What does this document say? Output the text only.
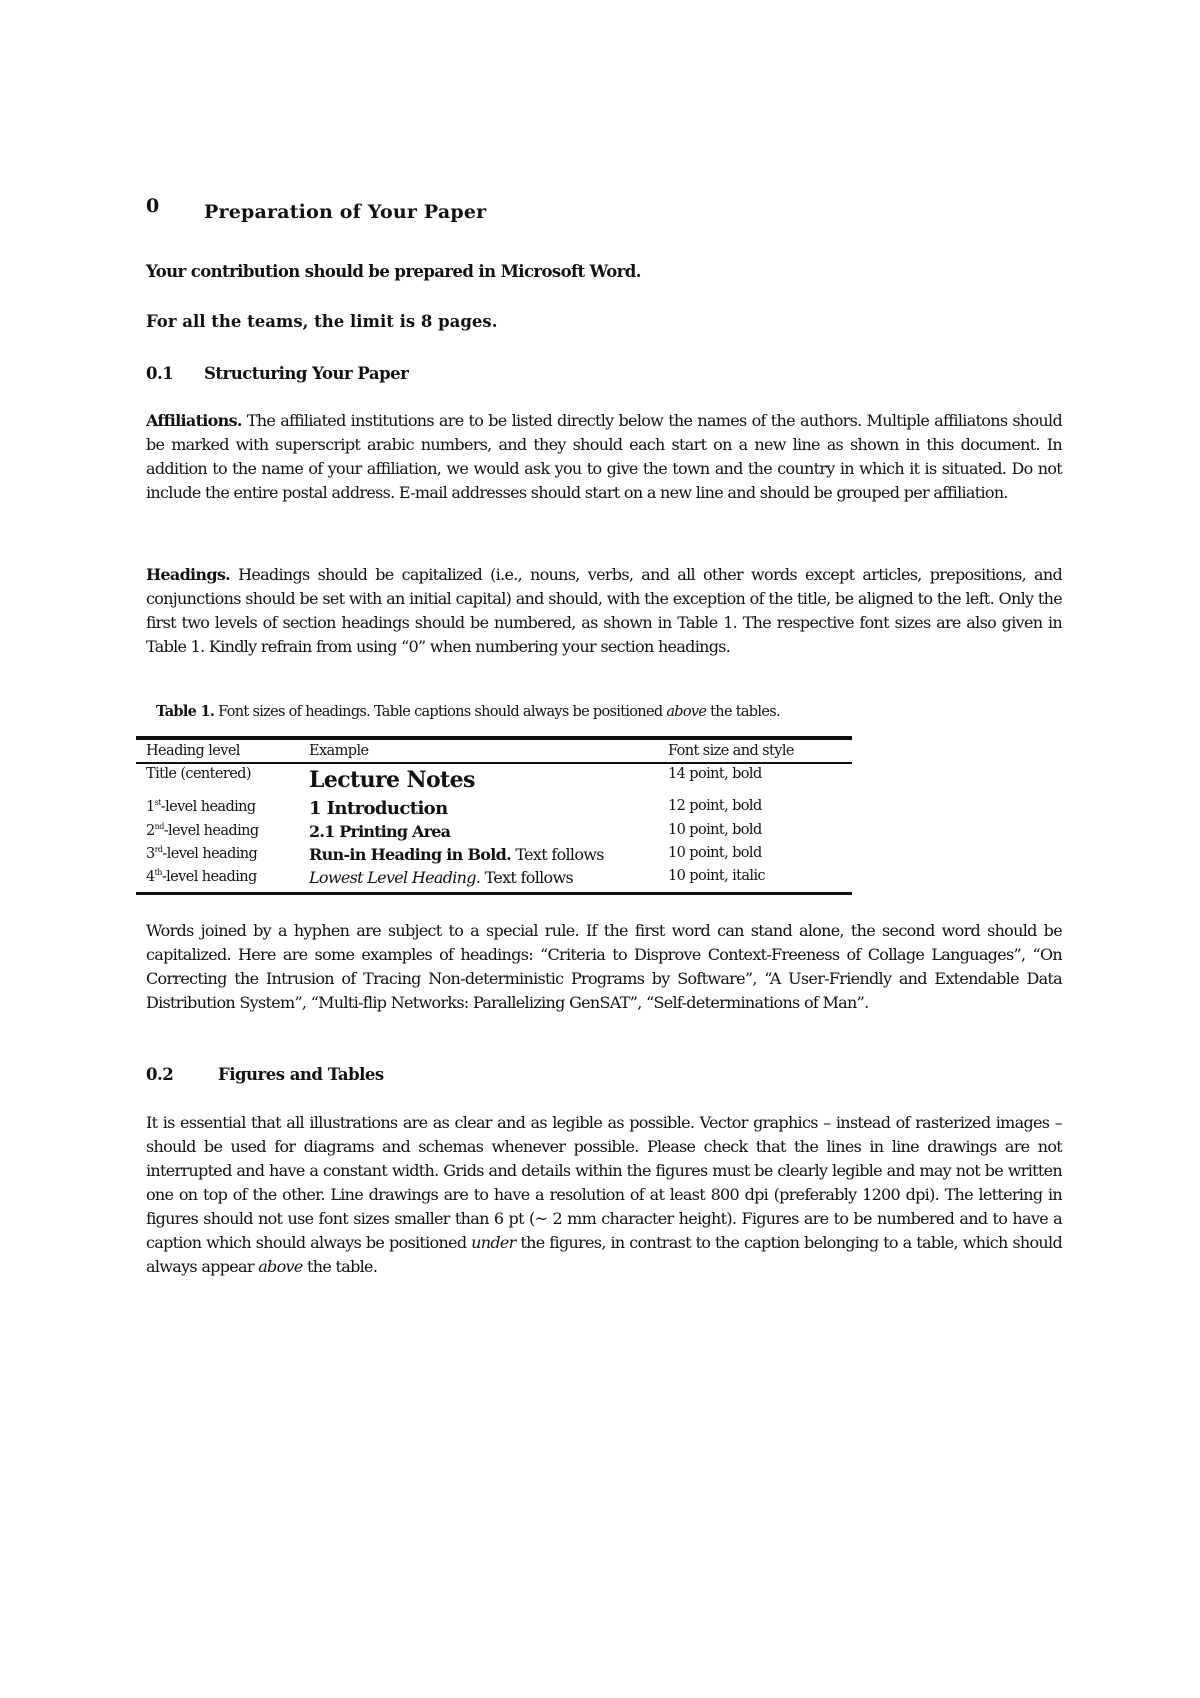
0 Preparation of Your Paper
Your contribution should be prepared in Microsoft Word.
For all the teams, the limit is 8 pages.
0.1 Structuring Your Paper
Affiliations. The affiliated institutions are to be listed directly below the names of the authors. Multiple affiliatons should be marked with superscript arabic numbers, and they should each start on a new line as shown in this document. In addition to the name of your affiliation, we would ask you to give the town and the country in which it is situated. Do not include the entire postal address. E-mail addresses should start on a new line and should be grouped per affiliation.
Headings. Headings should be capitalized (i.e., nouns, verbs, and all other words except articles, prepositions, and conjunctions should be set with an initial capital) and should, with the exception of the title, be aligned to the left. Only the first two levels of section headings should be numbered, as shown in Table 1. The respective font sizes are also given in Table 1. Kindly refrain from using “0” when numbering your section headings.
Table 1. Font sizes of headings. Table captions should always be positioned above the tables.
Heading level	Example	Font size and style
Title (centered)	Lecture Notes	14 point, bold
1st-level heading	1 Introduction	12 point, bold
2nd-level heading	2.1 Printing Area	10 point, bold
3rd-level heading	Run-in Heading in Bold. Text follows	10 point, bold
4th-level heading	Lowest Level Heading. Text follows	10 point, italic
Words joined by a hyphen are subject to a special rule. If the first word can stand alone, the second word should be capitalized. Here are some examples of headings: “Criteria to Disprove Context-Freeness of Collage Languages”, “On Correcting the Intrusion of Tracing Non-deterministic Programs by Software”, “A User-Friendly and Extendable Data Distribution System”, “Multi-flip Networks: Parallelizing GenSAT”, “Self-determinations of Man”.
0.2	Figures and Tables
It is essential that all illustrations are as clear and as legible as possible. Vector graphics – instead of rasterized images – should be used for diagrams and schemas whenever possible. Please check that the lines in line drawings are not interrupted and have a constant width. Grids and details within the figures must be clearly legible and may not be written one on top of the other. Line drawings are to have a resolution of at least 800 dpi (preferably 1200 dpi). The lettering in figures should not use font sizes smaller than 6 pt (~ 2 mm character height). Figures are to be numbered and to have a caption which should always be positioned under the figures, in contrast to the caption belonging to a table, which should always appear above the table.
